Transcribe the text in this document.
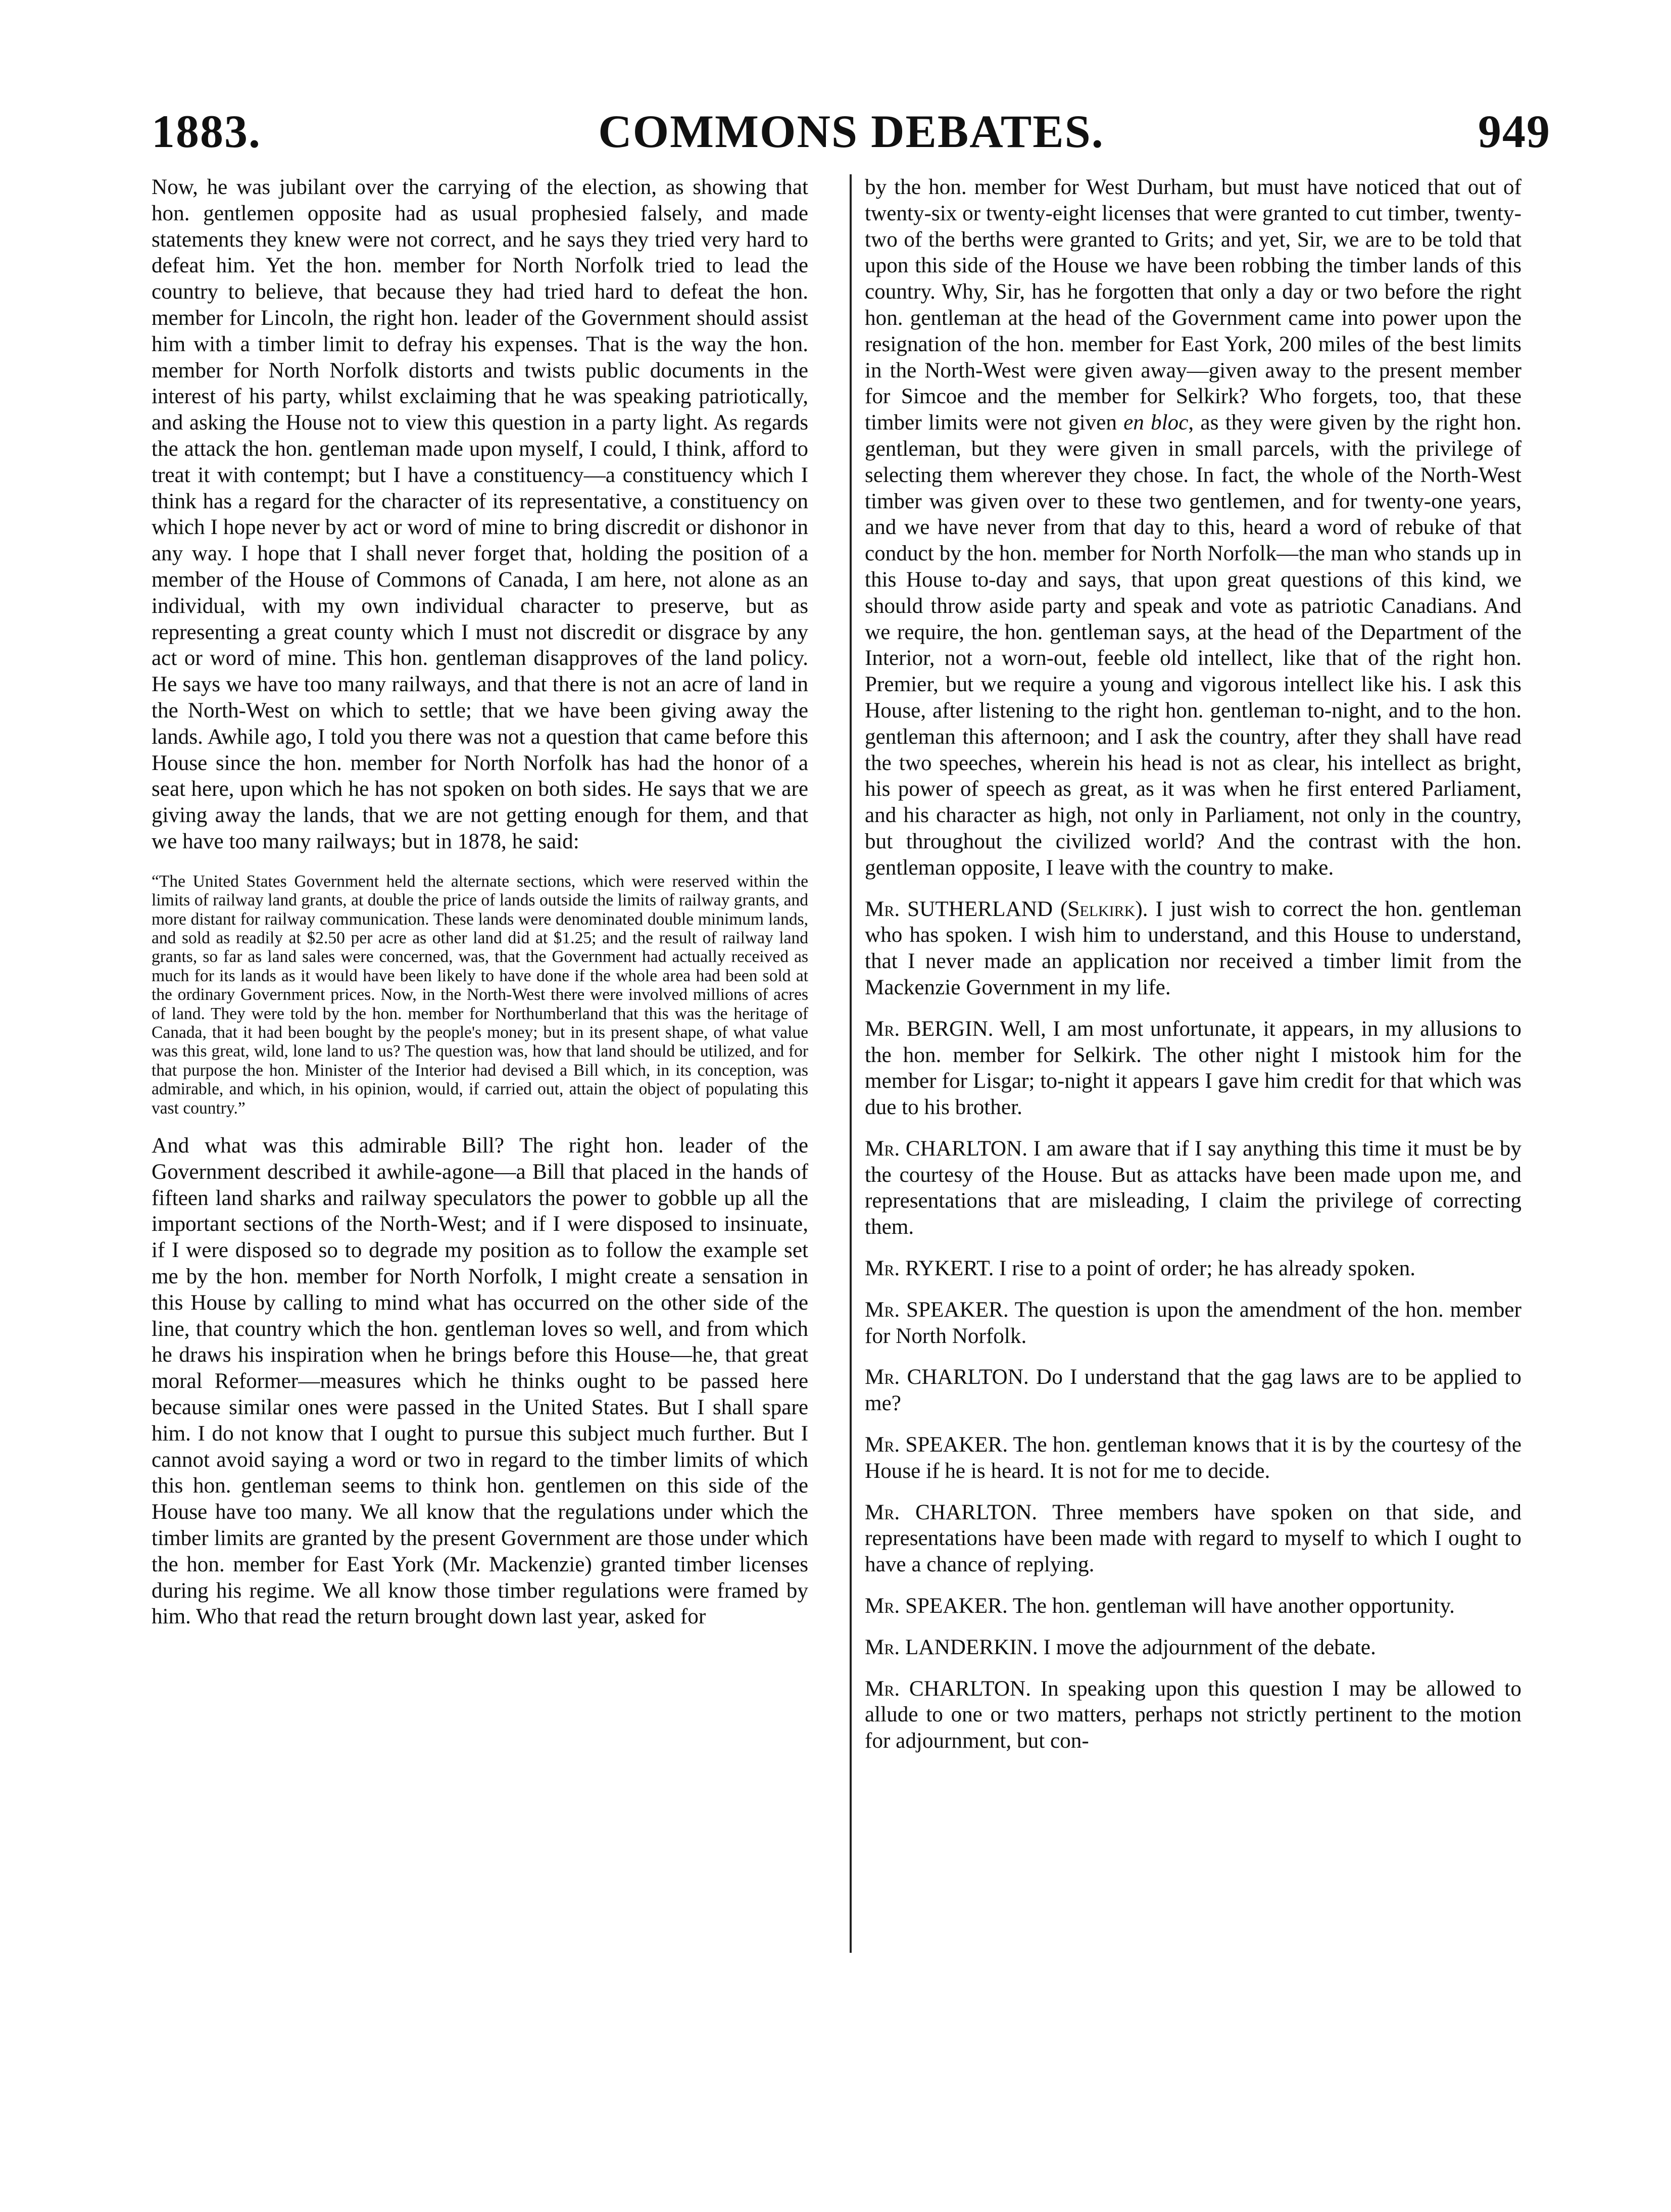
1883.	COMMONS DEBATES.	949

Now, he was jubilant over the carrying of the election, as showing that hon. gentlemen opposite had as usual prophesied falsely, and made statements they knew were not correct, and he says they tried very hard to defeat him. Yet the hon. member for North Norfolk tried to lead the country to believe, that because they had tried hard to defeat the hon. member for Lincoln, the right hon. leader of the Government should assist him with a timber limit to defray his expenses. That is the way the hon. member for North Norfolk distorts and twists public documents in the interest of his party, whilst exclaiming that he was speaking patriotically, and asking the House not to view this question in a party light. As regards the attack the hon. gentleman made upon myself, I could, I think, afford to treat it with contempt; but I have a constituency—a constituency which I think has a regard for the character of its representative, a constituency on which I hope never by act or word of mine to bring discredit or dishonor in any way. I hope that I shall never forget that, holding the position of a member of the House of Commons of Canada, I am here, not alone as an individual, with my own individual character to preserve, but as representing a great county which I must not discredit or disgrace by any act or word of mine. This hon. gentleman disapproves of the land policy. He says we have too many railways, and that there is not an acre of land in the North-West on which to settle; that we have been giving away the lands. Awhile ago, I told you there was not a question that came before this House since the hon. member for North Norfolk has had the honor of a seat here, upon which he has not spoken on both sides. He says that we are giving away the lands, that we are not getting enough for them, and that we have too many railways; but in 1878, he said:

“The United States Government held the alternate sections, which were reserved within the limits of railway land grants, at double the price of lands outside the limits of railway grants, and more distant for railway communication. These lands were denominated double minimum lands, and sold as readily at $2.50 per acre as other land did at $1.25; and the result of railway land grants, so far as land sales were concerned, was, that the Government had actually received as much for its lands as it would have been likely to have done if the whole area had been sold at the ordinary Government prices. Now, in the North-West there were involved millions of acres of land. They were told by the hon. member for Northumberland that this was the heritage of Canada, that it had been bought by the people's money; but in its present shape, of what value was this great, wild, lone land to us? The question was, how that land should be utilized, and for that purpose the hon. Minister of the Interior had devised a Bill which, in its conception, was admirable, and which, in his opinion, would, if carried out, attain the object of populating this vast country.”

And what was this admirable Bill? The right hon. leader of the Government described it awhile-agone—a Bill that placed in the hands of fifteen land sharks and railway speculators the power to gobble up all the important sections of the North-West; and if I were disposed to insinuate, if I were disposed so to degrade my position as to follow the example set me by the hon. member for North Norfolk, I might create a sensation in this House by calling to mind what has occurred on the other side of the line, that country which the hon. gentleman loves so well, and from which he draws his inspiration when he brings before this House—he, that great moral Reformer—measures which he thinks ought to be passed here because similar ones were passed in the United States. But I shall spare him. I do not know that I ought to pursue this subject much further. But I cannot avoid saying a word or two in regard to the timber limits of which this hon. gentleman seems to think hon. gentlemen on this side of the House have too many. We all know that the regulations under which the timber limits are granted by the present Government are those under which the hon. member for East York (Mr. Mackenzie) granted timber licenses during his regime. We all know those timber regulations were framed by him. Who that read the return brought down last year, asked for

by the hon. member for West Durham, but must have noticed that out of twenty-six or twenty-eight licenses that were granted to cut timber, twenty-two of the berths were granted to Grits; and yet, Sir, we are to be told that upon this side of the House we have been robbing the timber lands of this country. Why, Sir, has he forgotten that only a day or two before the right hon. gentleman at the head of the Government came into power upon the resignation of the hon. member for East York, 200 miles of the best limits in the North-West were given away—given away to the present member for Simcoe and the member for Selkirk? Who forgets, too, that these timber limits were not given en bloc, as they were given by the right hon. gentleman, but they were given in small parcels, with the privilege of selecting them wherever they chose. In fact, the whole of the North-West timber was given over to these two gentlemen, and for twenty-one years, and we have never from that day to this, heard a word of rebuke of that conduct by the hon. member for North Norfolk—the man who stands up in this House to-day and says, that upon great questions of this kind, we should throw aside party and speak and vote as patriotic Canadians. And we require, the hon. gentleman says, at the head of the Department of the Interior, not a worn-out, feeble old intellect, like that of the right hon. Premier, but we require a young and vigorous intellect like his. I ask this House, after listening to the right hon. gentleman to-night, and to the hon. gentleman this afternoon; and I ask the country, after they shall have read the two speeches, wherein his head is not as clear, his intellect as bright, his power of speech as great, as it was when he first entered Parliament, and his character as high, not only in Parliament, not only in the country, but throughout the civilized world? And the contrast with the hon. gentleman opposite, I leave with the country to make.

Mr. SUTHERLAND (Selkirk). I just wish to correct the hon. gentleman who has spoken. I wish him to understand, and this House to understand, that I never made an application nor received a timber limit from the Mackenzie Government in my life.

Mr. BERGIN. Well, I am most unfortunate, it appears, in my allusions to the hon. member for Selkirk. The other night I mistook him for the member for Lisgar; to-night it appears I gave him credit for that which was due to his brother.

Mr. CHARLTON. I am aware that if I say anything this time it must be by the courtesy of the House. But as attacks have been made upon me, and representations that are misleading, I claim the privilege of correcting them.

Mr. RYKERT. I rise to a point of order; he has already spoken.

Mr. SPEAKER. The question is upon the amendment of the hon. member for North Norfolk.

Mr. CHARLTON. Do I understand that the gag laws are to be applied to me?

Mr. SPEAKER. The hon. gentleman knows that it is by the courtesy of the House if he is heard. It is not for me to decide.

Mr. CHARLTON. Three members have spoken on that side, and representations have been made with regard to myself to which I ought to have a chance of replying.

Mr. SPEAKER. The hon. gentleman will have another opportunity.

Mr. LANDERKIN. I move the adjournment of the debate.

Mr. CHARLTON. In speaking upon this question I may be allowed to allude to one or two matters, perhaps not strictly pertinent to the motion for adjournment, but con-
